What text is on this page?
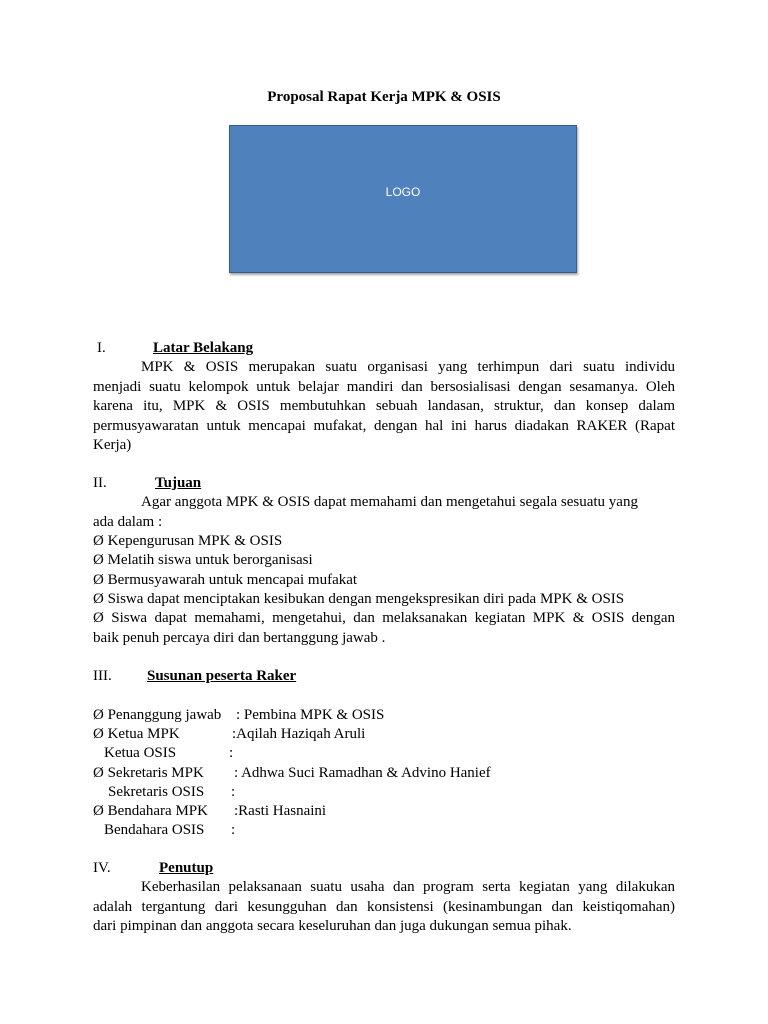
Proposal Rapat Kerja MPK & OSIS
LOGO
I.	Latar Belakang
MPK & OSIS merupakan suatu organisasi yang terhimpun dari suatu individu
menjadi suatu kelompok untuk belajar mandiri dan bersosialisasi dengan sesamanya. Oleh
karena itu, MPK & OSIS membutuhkan sebuah landasan, struktur, dan konsep dalam
permusyawaratan untuk mencapai mufakat, dengan hal ini harus diadakan RAKER (Rapat
Kerja)
II.	Tujuan
Agar anggota MPK & OSIS dapat memahami dan mengetahui segala sesuatu yang
ada dalam :
Ø Kepengurusan MPK & OSIS
Ø Melatih siswa untuk berorganisasi
Ø Bermusyawarah untuk mencapai mufakat
Ø Siswa dapat menciptakan kesibukan dengan mengekspresikan diri pada MPK & OSIS
Ø Siswa dapat memahami, mengetahui, dan melaksanakan kegiatan MPK & OSIS dengan
baik penuh percaya diri dan bertanggung jawab .
III. Susunan peserta Raker
Ø Penanggung jawab : Pembina MPK & OSIS
Ø Ketua MPK	:Aqilah Haziqah Aruli
Ketua OSIS	:
Ø Sekretaris MPK : Adhwa Suci Ramadhan & Advino Hanief
Sekretaris OSIS :
Ø Bendahara MPK :Rasti Hasnaini
Bendahara OSIS :
IV.	Penutup
Keberhasilan pelaksanaan suatu usaha dan program serta kegiatan yang dilakukan
adalah tergantung dari kesungguhan dan konsistensi (kesinambungan dan keistiqomahan)
dari pimpinan dan anggota secara keseluruhan dan juga dukungan semua pihak.
